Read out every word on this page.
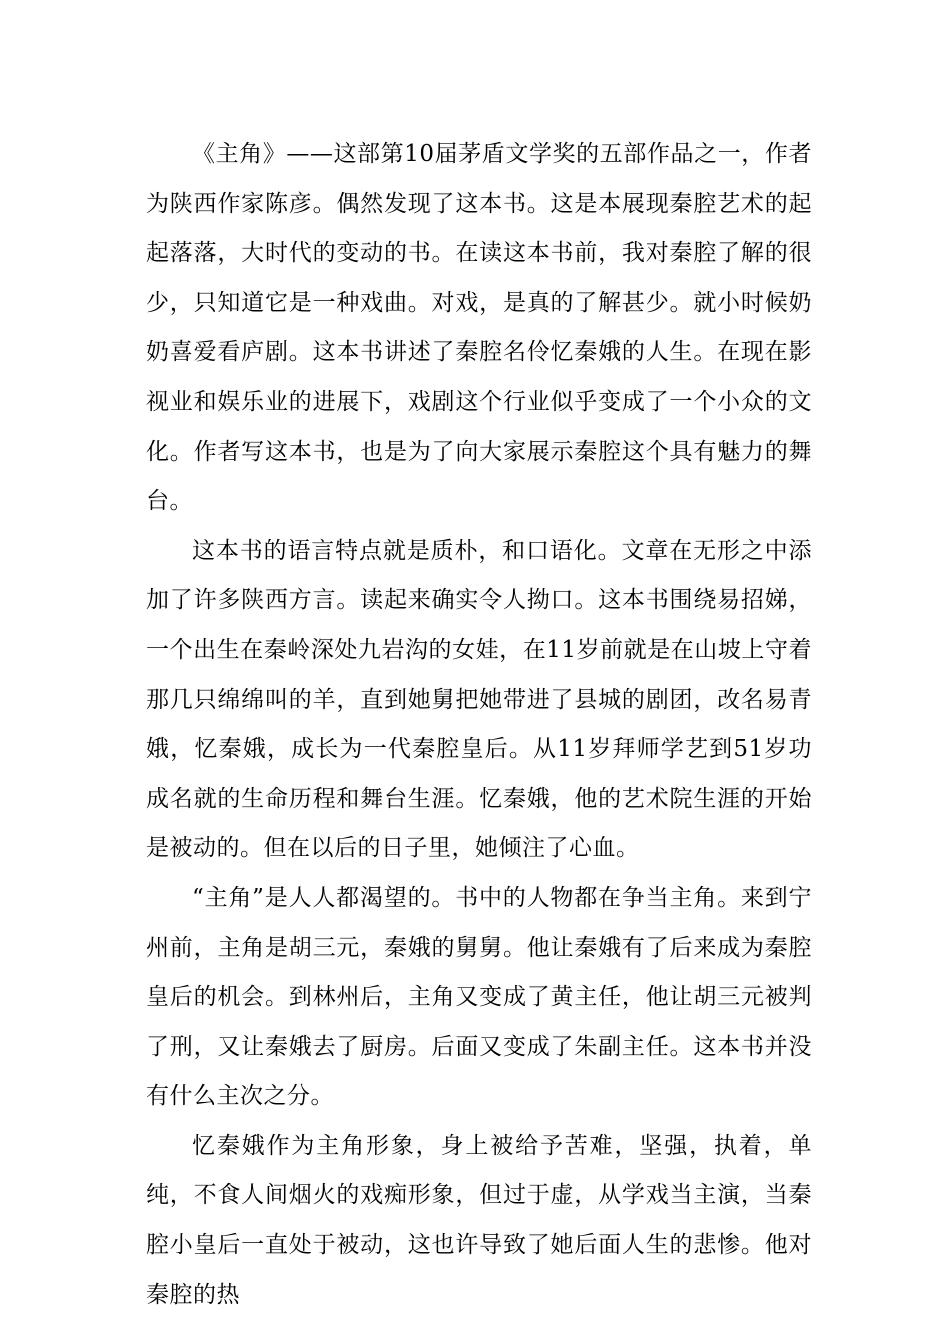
《主角》——这部第10届茅盾文学奖的五部作品之一，作者为陕西作家陈彦。偶然发现了这本书。这是本展现秦腔艺术的起起落落，大时代的变动的书。在读这本书前，我对秦腔了解的很少，只知道它是一种戏曲。对戏，是真的了解甚少。就小时候奶奶喜爱看庐剧。这本书讲述了秦腔名伶忆秦娥的人生。在现在影视业和娱乐业的进展下，戏剧这个行业似乎变成了一个小众的文化。作者写这本书，也是为了向大家展示秦腔这个具有魅力的舞台。

这本书的语言特点就是质朴，和口语化。文章在无形之中添加了许多陕西方言。读起来确实令人拗口。这本书围绕易招娣，一个出生在秦岭深处九岩沟的女娃，在11岁前就是在山坡上守着那几只绵绵叫的羊，直到她舅把她带进了县城的剧团，改名易青娥，忆秦娥，成长为一代秦腔皇后。从11岁拜师学艺到51岁功成名就的生命历程和舞台生涯。忆秦娥，他的艺术院生涯的开始是被动的。但在以后的日子里，她倾注了心血。

“主角”是人人都渴望的。书中的人物都在争当主角。来到宁州前，主角是胡三元，秦娥的舅舅。他让秦娥有了后来成为秦腔皇后的机会。到林州后，主角又变成了黄主任，他让胡三元被判了刑，又让秦娥去了厨房。后面又变成了朱副主任。这本书并没有什么主次之分。

忆秦娥作为主角形象，身上被给予苦难，坚强，执着，单纯，不食人间烟火的戏痴形象，但过于虚，从学戏当主演，当秦腔小皇后一直处于被动，这也许导致了她后面人生的悲惨。他对秦腔的热
